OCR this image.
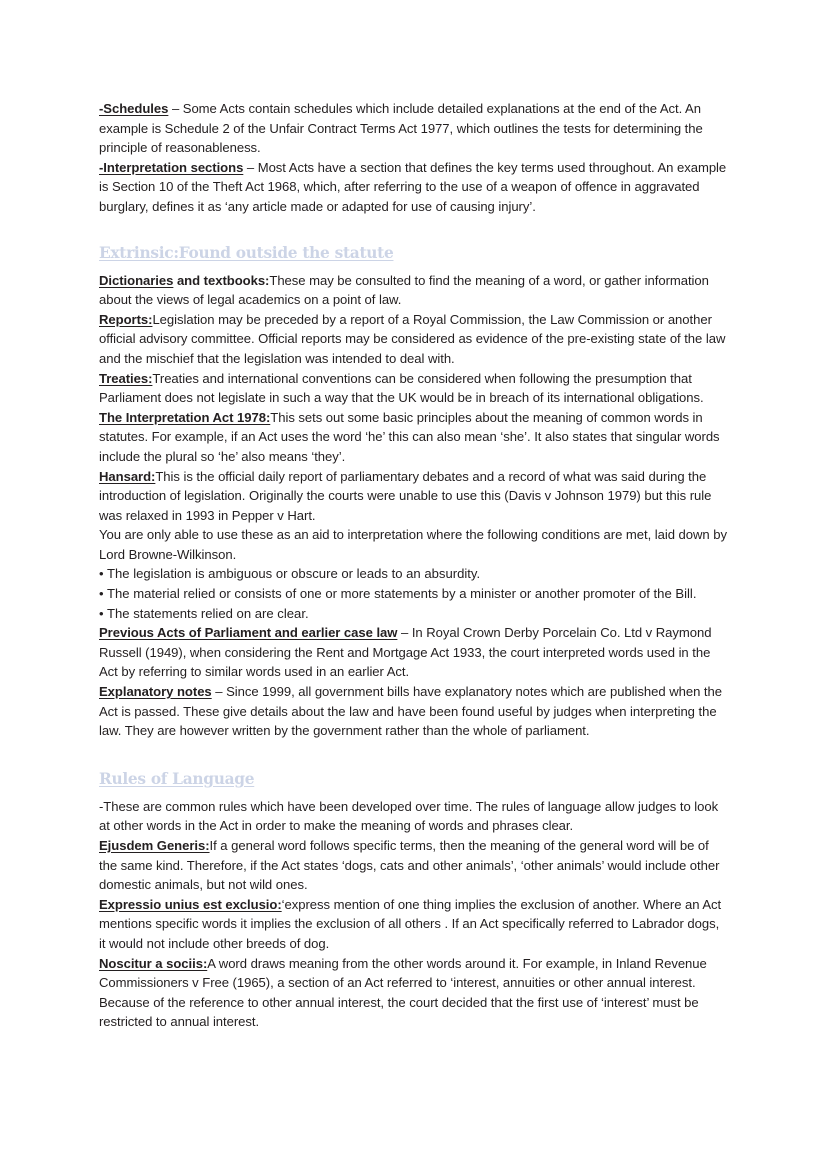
-Schedules – Some Acts contain schedules which include detailed explanations at the end of the Act. An example is Schedule 2 of the Unfair Contract Terms Act 1977, which outlines the tests for determining the principle of reasonableness.

-Interpretation sections – Most Acts have a section that defines the key terms used throughout. An example is Section 10 of the Theft Act 1968, which, after referring to the use of a weapon of offence in aggravated burglary, defines it as ‘any article made or adapted for use of causing injury’.

Extrinsic:Found outside the statute

Dictionaries and textbooks:These may be consulted to find the meaning of a word, or gather information about the views of legal academics on a point of law.

Reports:Legislation may be preceded by a report of a Royal Commission, the Law Commission or another official advisory committee. Official reports may be considered as evidence of the pre-existing state of the law and the mischief that the legislation was intended to deal with.

Treaties:Treaties and international conventions can be considered when following the presumption that Parliament does not legislate in such a way that the UK would be in breach of its international obligations.

The Interpretation Act 1978:This sets out some basic principles about the meaning of common words in statutes. For example, if an Act uses the word ‘he’ this can also mean ‘she’. It also states that singular words include the plural so ‘he’ also means ‘they’.

Hansard:This is the official daily report of parliamentary debates and a record of what was said during the introduction of legislation. Originally the courts were unable to use this (Davis v Johnson 1979) but this rule was relaxed in 1993 in Pepper v Hart.

You are only able to use these as an aid to interpretation where the following conditions are met, laid down by Lord Browne-Wilkinson.

• The legislation is ambiguous or obscure or leads to an absurdity.

• The material relied or consists of one or more statements by a minister or another promoter of the Bill.

• The statements relied on are clear.

Previous Acts of Parliament and earlier case law – In Royal Crown Derby Porcelain Co. Ltd v Raymond Russell (1949), when considering the Rent and Mortgage Act 1933, the court interpreted words used in the Act by referring to similar words used in an earlier Act.

Explanatory notes – Since 1999, all government bills have explanatory notes which are published when the Act is passed. These give details about the law and have been found useful by judges when interpreting the law. They are however written by the government rather than the whole of parliament.

Rules of Language

-These are common rules which have been developed over time. The rules of language allow judges to look at other words in the Act in order to make the meaning of words and phrases clear.

Ejusdem Generis:If a general word follows specific terms, then the meaning of the general word will be of the same kind. Therefore, if the Act states ‘dogs, cats and other animals’, ‘other animals’ would include other domestic animals, but not wild ones.

Expressio unius est exclusio:‘express mention of one thing implies the exclusion of another. Where an Act mentions specific words it implies the exclusion of all others . If an Act specifically referred to Labrador dogs, it would not include other breeds of dog.

Noscitur a sociis:A word draws meaning from the other words around it. For example, in Inland Revenue Commissioners v Free (1965), a section of an Act referred to ‘interest, annuities or other annual interest. Because of the reference to other annual interest, the court decided that the first use of ‘interest’ must be restricted to annual interest.
